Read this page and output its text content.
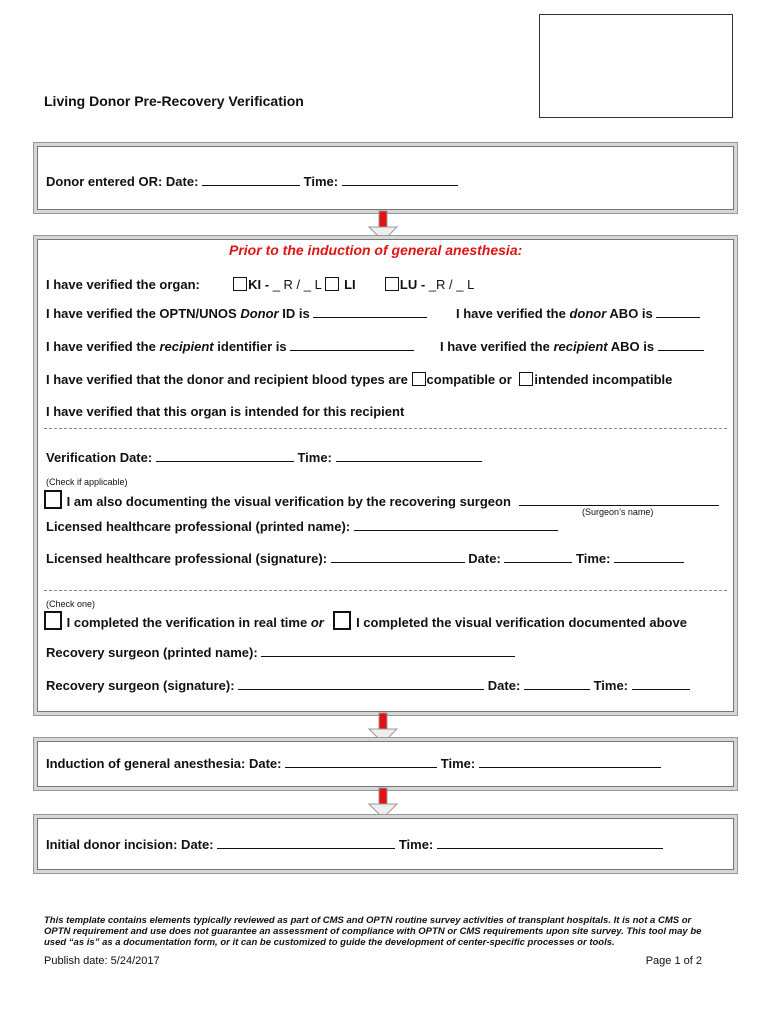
Living Donor Pre-Recovery Verification
Donor entered OR: Date:	Time:
Prior to the induction of general anesthesia:
I have verified the organ:	KI - _ R / _ L LI	LU - _R / _ L
I have verified the OPTN/UNOS Donor ID is	I have verified the donor ABO is
I have verified the recipient identifier is	I have verified the recipient ABO is
I have verified that the donor and recipient blood types are compatible or intended incompatible
I have verified that this organ is intended for this recipient
Verification Date:	Time:
(Check if applicable)
I am also documenting the visual verification by the recovering surgeon
(Surgeon’s name)
Licensed healthcare professional (printed name):
Licensed healthcare professional (signature):	Date:	Time:
(Check one)
I completed the verification in real time or I completed the visual verification documented above
Recovery surgeon (printed name):
Recovery surgeon (signature):	Date:	Time:
Induction of general anesthesia: Date:	Time:
Initial donor incision: Date:	Time:
This template contains elements typically reviewed as part of CMS and OPTN routine survey activities of transplant hospitals. It is not a CMS or OPTN requirement and use does not guarantee an assessment of compliance with OPTN or CMS requirements upon site survey. This tool may be used “as is” as a documentation form, or it can be customized to guide the development of center-specific processes or tools.
Publish date: 5/24/2017	Page 1 of 2
